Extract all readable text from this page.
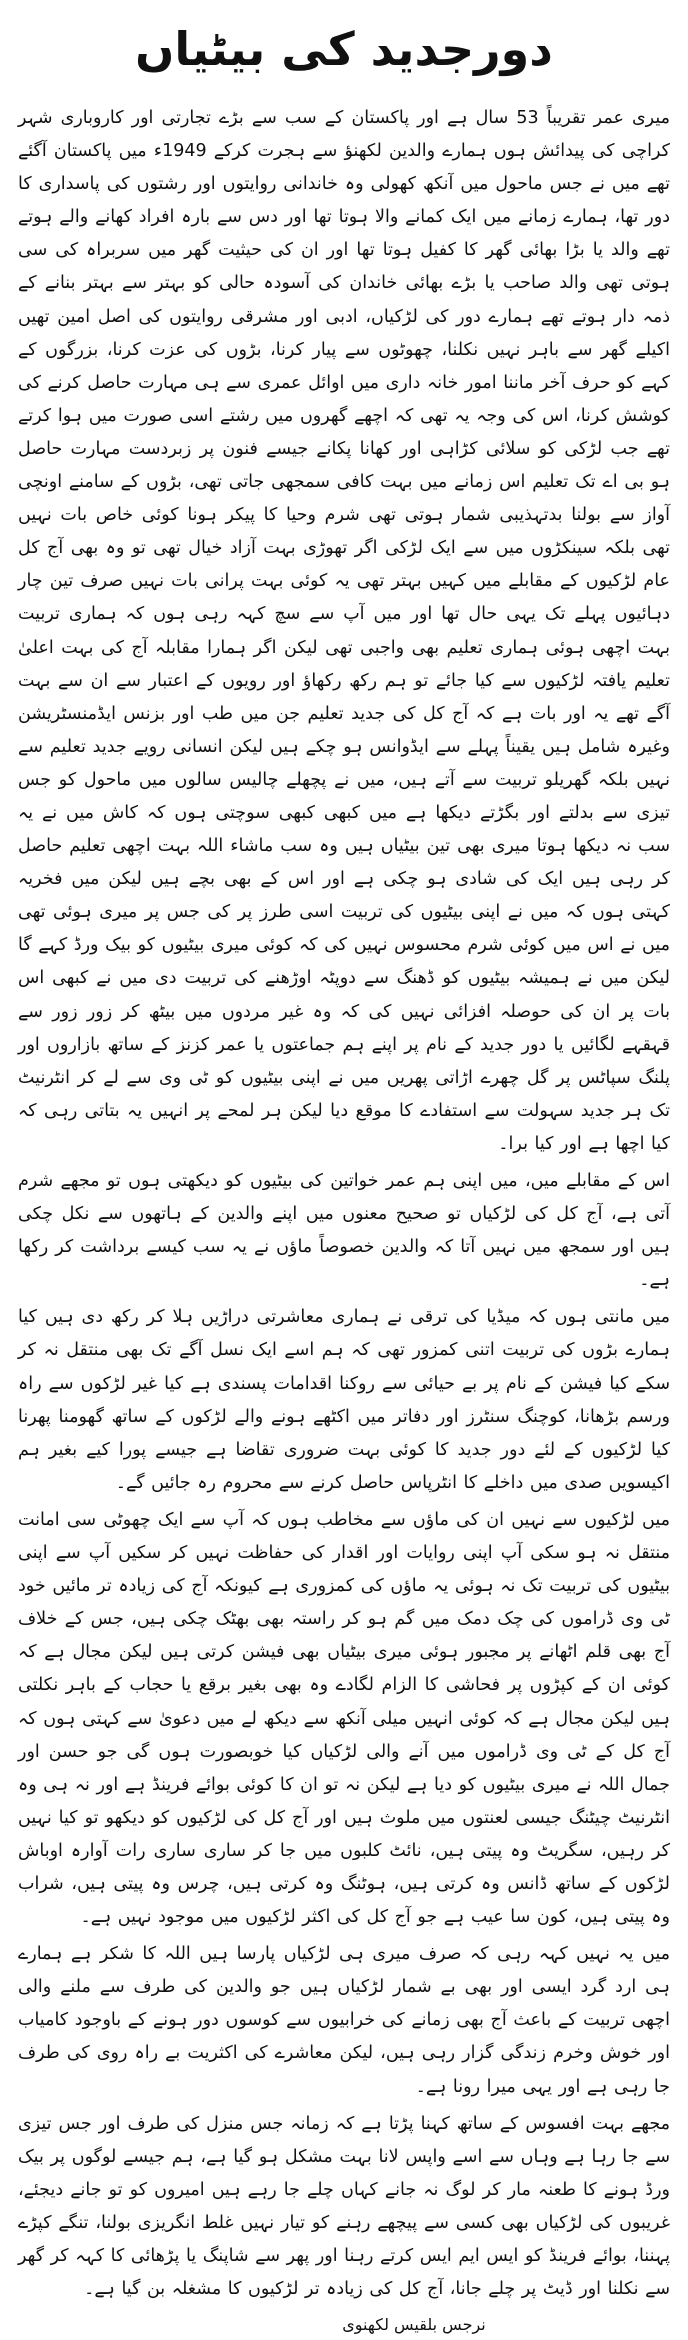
دورجدید کی بیٹیاں

میری عمر تقریباً 53 سال ہے اور پاکستان کے سب سے بڑے تجارتی اور کاروباری شہر کراچی کی پیدائش ہوں ہمارے والدین لکھنؤ سے ہجرت کرکے 1949ء میں پاکستان آگئے تھے میں نے جس ماحول میں آنکھ کھولی وہ خاندانی روایتوں اور رشتوں کی پاسداری کا دور تھا، ہمارے زمانے میں ایک کمانے والا ہوتا تھا اور دس سے بارہ افراد کھانے والے ہوتے تھے والد یا بڑا بھائی گھر کا کفیل ہوتا تھا اور ان کی حیثیت گھر میں سربراہ کی سی ہوتی تھی والد صاحب یا بڑے بھائی خاندان کی آسودہ حالی کو بہتر سے بہتر بنانے کے ذمہ دار ہوتے تھے ہمارے دور کی لڑکیاں، ادبی اور مشرقی روایتوں کی اصل امین تھیں اکیلے گھر سے باہر نہیں نکلنا، چھوٹوں سے پیار کرنا، بڑوں کی عزت کرنا، بزرگوں کے کہے کو حرف آخر ماننا امور خانہ داری میں اوائل عمری سے ہی مہارت حاصل کرنے کی کوشش کرنا، اس کی وجہ یہ تھی کہ اچھے گھروں میں رشتے اسی صورت میں ہوا کرتے تھے جب لڑکی کو سلائی کڑاہی اور کھانا پکانے جیسے فنون پر زبردست مہارت حاصل ہو بی اے تک تعلیم اس زمانے میں بہت کافی سمجھی جاتی تھی، بڑوں کے سامنے اونچی آواز سے بولنا بدتہذیبی شمار ہوتی تھی شرم وحیا کا پیکر ہونا کوئی خاص بات نہیں تھی بلکہ سینکڑوں میں سے ایک لڑکی اگر تھوڑی بہت آزاد خیال تھی تو وہ بھی آج کل عام لڑکیوں کے مقابلے میں کہیں بہتر تھی یہ کوئی بہت پرانی بات نہیں صرف تین چار دہائیوں پہلے تک یہی حال تھا اور میں آپ سے سچ کہہ رہی ہوں کہ ہماری تربیت بہت اچھی ہوئی ہماری تعلیم بھی واجبی تھی لیکن اگر ہمارا مقابلہ آج کی بہت اعلیٰ تعلیم یافتہ لڑکیوں سے کیا جائے تو ہم رکھ رکھاؤ اور رویوں کے اعتبار سے ان سے بہت آگے تھے یہ اور بات ہے کہ آج کل کی جدید تعلیم جن میں طب اور بزنس ایڈمنسٹریشن وغیرہ شامل ہیں یقیناً پہلے سے ایڈوانس ہو چکے ہیں لیکن انسانی رویے جدید تعلیم سے نہیں بلکہ گھریلو تربیت سے آتے ہیں، میں نے پچھلے چالیس سالوں میں ماحول کو جس تیزی سے بدلتے اور بگڑتے دیکھا ہے میں کبھی کبھی سوچتی ہوں کہ کاش میں نے یہ سب نہ دیکھا ہوتا میری بھی تین بیٹیاں ہیں وہ سب ماشاء اللہ بہت اچھی تعلیم حاصل کر رہی ہیں ایک کی شادی ہو چکی ہے اور اس کے بھی بچے ہیں لیکن میں فخریہ کہتی ہوں کہ میں نے اپنی بیٹیوں کی تربیت اسی طرز پر کی جس پر میری ہوئی تھی میں نے اس میں کوئی شرم محسوس نہیں کی کہ کوئی میری بیٹیوں کو بیک ورڈ کہے گا لیکن میں نے ہمیشہ بیٹیوں کو ڈھنگ سے دوپٹہ اوڑھنے کی تربیت دی میں نے کبھی اس بات پر ان کی حوصلہ افزائی نہیں کی کہ وہ غیر مردوں میں بیٹھ کر زور زور سے قہقہے لگائیں یا دور جدید کے نام پر اپنے ہم جماعتوں یا عمر کزنز کے ساتھ بازاروں اور پلنگ سپاٹس پر گل چھرے اڑاتی پھریں میں نے اپنی بیٹیوں کو ٹی وی سے لے کر انٹرنیٹ تک ہر جدید سہولت سے استفادے کا موقع دیا لیکن ہر لمحے پر انہیں یہ بتاتی رہی کہ کیا اچھا ہے اور کیا برا۔

اس کے مقابلے میں، میں اپنی ہم عمر خواتین کی بیٹیوں کو دیکھتی ہوں تو مجھے شرم آتی ہے، آج کل کی لڑکیاں تو صحیح معنوں میں اپنے والدین کے ہاتھوں سے نکل چکی ہیں اور سمجھ میں نہیں آتا کہ والدین خصوصاً ماؤں نے یہ سب کیسے برداشت کر رکھا ہے۔

میں مانتی ہوں کہ میڈیا کی ترقی نے ہماری معاشرتی دراڑیں ہلا کر رکھ دی ہیں کیا ہمارے بڑوں کی تربیت اتنی کمزور تھی کہ ہم اسے ایک نسل آگے تک بھی منتقل نہ کر سکے کیا فیشن کے نام پر بے حیائی سے روکنا اقدامات پسندی ہے کیا غیر لڑکوں سے راہ ورسم بڑھانا، کوچنگ سنٹرز اور دفاتر میں اکٹھے ہونے والے لڑکوں کے ساتھ گھومنا پھرنا کیا لڑکیوں کے لئے دور جدید کا کوئی بہت ضروری تقاضا ہے جیسے پورا کیے بغیر ہم اکیسویں صدی میں داخلے کا انٹرپاس حاصل کرنے سے محروم رہ جائیں گے۔

میں لڑکیوں سے نہیں ان کی ماؤں سے مخاطب ہوں کہ آپ سے ایک چھوٹی سی امانت منتقل نہ ہو سکی آپ اپنی روایات اور اقدار کی حفاظت نہیں کر سکیں آپ سے اپنی بیٹیوں کی تربیت تک نہ ہوئی یہ ماؤں کی کمزوری ہے کیونکہ آج کی زیادہ تر مائیں خود ٹی وی ڈراموں کی چک دمک میں گم ہو کر راستہ بھی بھٹک چکی ہیں، جس کے خلاف آج بھی قلم اٹھانے پر مجبور ہوئی میری بیٹیاں بھی فیشن کرتی ہیں لیکن مجال ہے کہ کوئی ان کے کپڑوں پر فحاشی کا الزام لگادے وہ بھی بغیر برقع یا حجاب کے باہر نکلتی ہیں لیکن مجال ہے کہ کوئی انہیں میلی آنکھ سے دیکھ لے میں دعویٰ سے کہتی ہوں کہ آج کل کے ٹی وی ڈراموں میں آنے والی لڑکیاں کیا خوبصورت ہوں گی جو حسن اور جمال اللہ نے میری بیٹیوں کو دیا ہے لیکن نہ تو ان کا کوئی بوائے فرینڈ ہے اور نہ ہی وہ انٹرنیٹ چیٹنگ جیسی لعنتوں میں ملوث ہیں اور آج کل کی لڑکیوں کو دیکھو تو کیا نہیں کر رہیں، سگریٹ وہ پیتی ہیں، نائٹ کلبوں میں جا کر ساری ساری رات آوارہ اوباش لڑکوں کے ساتھ ڈانس وہ کرتی ہیں، ہوٹنگ وہ کرتی ہیں، چرس وہ پیتی ہیں، شراب وہ پیتی ہیں، کون سا عیب ہے جو آج کل کی اکثر لڑکیوں میں موجود نہیں ہے۔

میں یہ نہیں کہہ رہی کہ صرف میری ہی لڑکیاں پارسا ہیں اللہ کا شکر ہے ہمارے ہی ارد گرد ایسی اور بھی بے شمار لڑکیاں ہیں جو والدین کی طرف سے ملنے والی اچھی تربیت کے باعث آج بھی زمانے کی خرابیوں سے کوسوں دور ہونے کے باوجود کامیاب اور خوش وخرم زندگی گزار رہی ہیں، لیکن معاشرے کی اکثریت بے راہ روی کی طرف جا رہی ہے اور یہی میرا رونا ہے۔

مجھے بہت افسوس کے ساتھ کہنا پڑتا ہے کہ زمانہ جس منزل کی طرف اور جس تیزی سے جا رہا ہے وہاں سے اسے واپس لانا بہت مشکل ہو گیا ہے، ہم جیسے لوگوں پر بیک ورڈ ہونے کا طعنہ مار کر لوگ نہ جانے کہاں چلے جا رہے ہیں امیروں کو تو جانے دیجئے، غریبوں کی لڑکیاں بھی کسی سے پیچھے رہنے کو تیار نہیں غلط انگریزی بولنا، تنگے کپڑے پہننا، بوائے فرینڈ کو ایس ایم ایس کرتے رہنا اور پھر سے شاپنگ یا پڑھائی کا کہہ کر گھر سے نکلنا اور ڈیٹ پر چلے جانا، آج کل کی زیادہ تر لڑکیوں کا مشغلہ بن گیا ہے۔

نرجس بلقیس لکھنوی
